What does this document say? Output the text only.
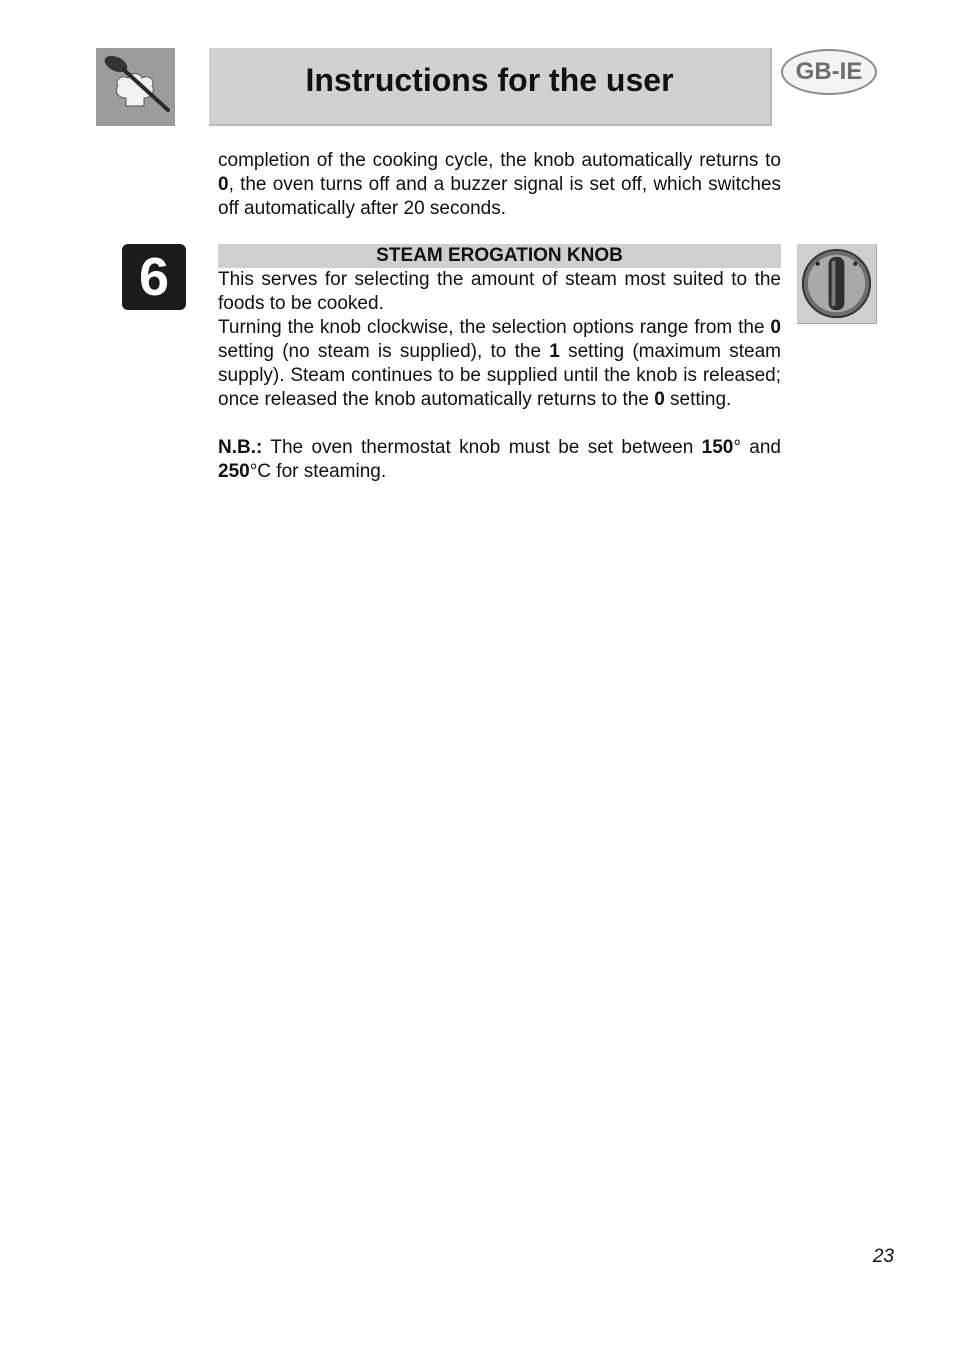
Instructions for the user	GB-IE

completion of the cooking cycle, the knob automatically returns to 0, the oven turns off and a buzzer signal is set off, which switches off automatically after 20 seconds.

6	STEAM EROGATION KNOB

This serves for selecting the amount of steam most suited to the foods to be cooked.

Turning the knob clockwise, the selection options range from the 0 setting (no steam is supplied), to the 1 setting (maximum steam supply). Steam continues to be supplied until the knob is released; once released the knob automatically returns to the 0 setting.

N.B.: The oven thermostat knob must be set between 150° and 250°C for steaming.

23
